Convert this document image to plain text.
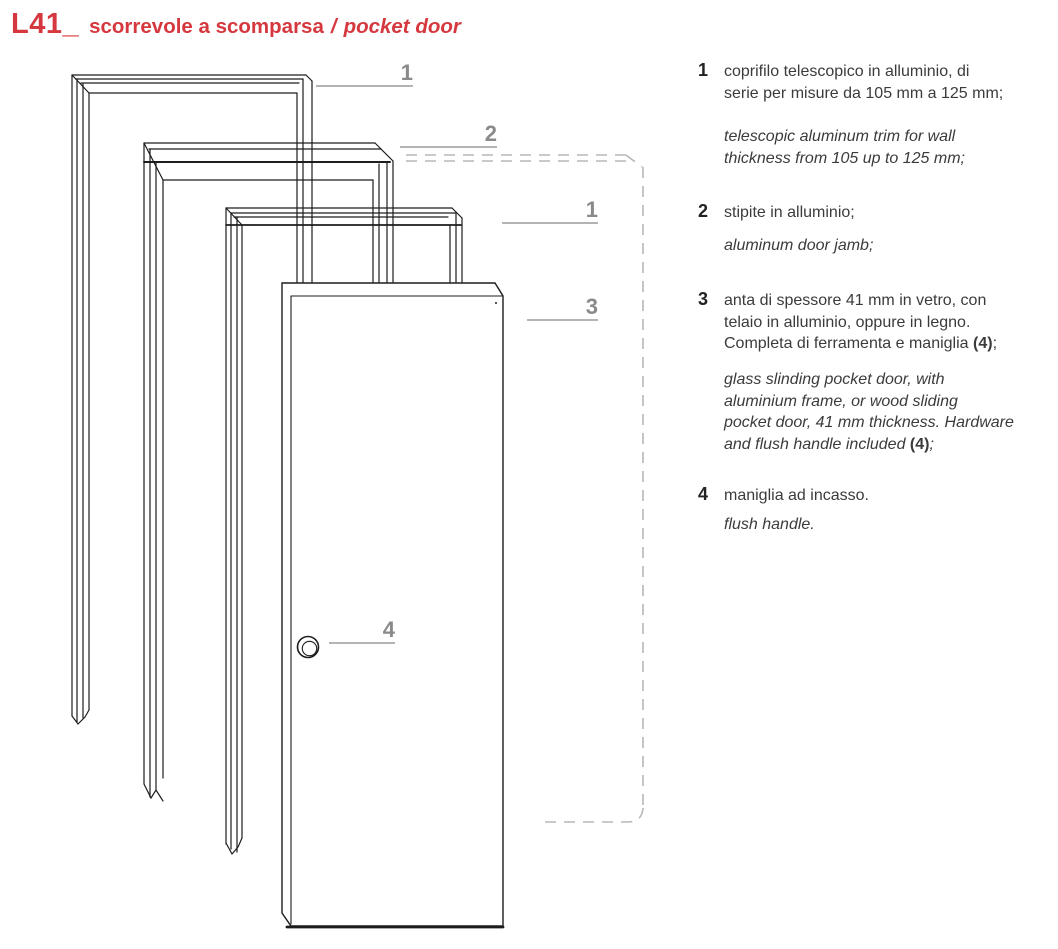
L41_ scorrevole a scomparsa / pocket door
1
2
1
3
4
1 coprifilo telescopico in alluminio, di
serie per misure da 105 mm a 125 mm;
telescopic aluminum trim for wall
thickness from 105 up to 125 mm;
2 stipite in alluminio;
aluminum door jamb;
3 anta di spessore 41 mm in vetro, con
telaio in alluminio, oppure in legno.
Completa di ferramenta e maniglia (4);
glass slinding pocket door, with
aluminium frame, or wood sliding
pocket door, 41 mm thickness. Hardware
and flush handle included (4);
4 maniglia ad incasso.
flush handle.
